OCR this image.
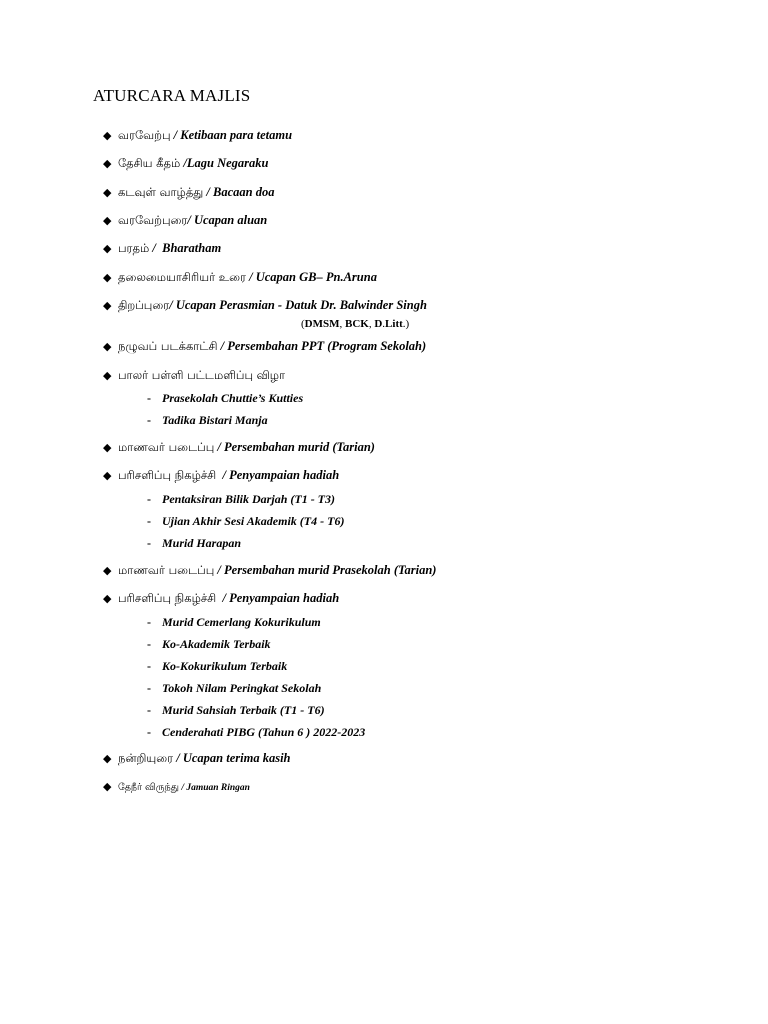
ATURCARA MAJLIS
◆ வரவேற்பு / Ketibaan para tetamu
◆ தேசிய கீதம் /Lagu Negaraku
◆ கடவுள் வாழ்த்து / Bacaan doa
◆ வரவேற்புரை/ Ucapan aluan
◆ பரதம் /  Bharatham
◆ தலைமையாசிரியர் உரை / Ucapan GB– Pn.Aruna
◆ திறப்புரை/ Ucapan Perasmian - Datuk Dr. Balwinder Singh
(DMSM, BCK, D.Litt.)
◆ நழுவப் படக்காட்சி / Persembahan PPT (Program Sekolah)
◆ பாலர் பள்ளி பட்டமளிப்பு விழா
- Prasekolah Chuttie’s Kutties
- Tadika Bistari Manja
◆ மாணவர் படைப்பு / Persembahan murid (Tarian)
◆ பரிசளிப்பு நிகழ்ச்சி  / Penyampaian hadiah
- Pentaksiran Bilik Darjah (T1 - T3)
- Ujian Akhir Sesi Akademik (T4 - T6)
- Murid Harapan
◆ மாணவர் படைப்பு / Persembahan murid Prasekolah (Tarian)
◆ பரிசளிப்பு நிகழ்ச்சி  / Penyampaian hadiah
- Murid Cemerlang Kokurikulum
- Ko-Akademik Terbaik
- Ko-Kokurikulum Terbaik
- Tokoh Nilam Peringkat Sekolah
- Murid Sahsiah Terbaik (T1 - T6)
- Cenderahati PIBG (Tahun 6 ) 2022-2023
◆ நன்றியுரை / Ucapan terima kasih
◆ தேநீர் விருந்து / Jamuan Ringan
